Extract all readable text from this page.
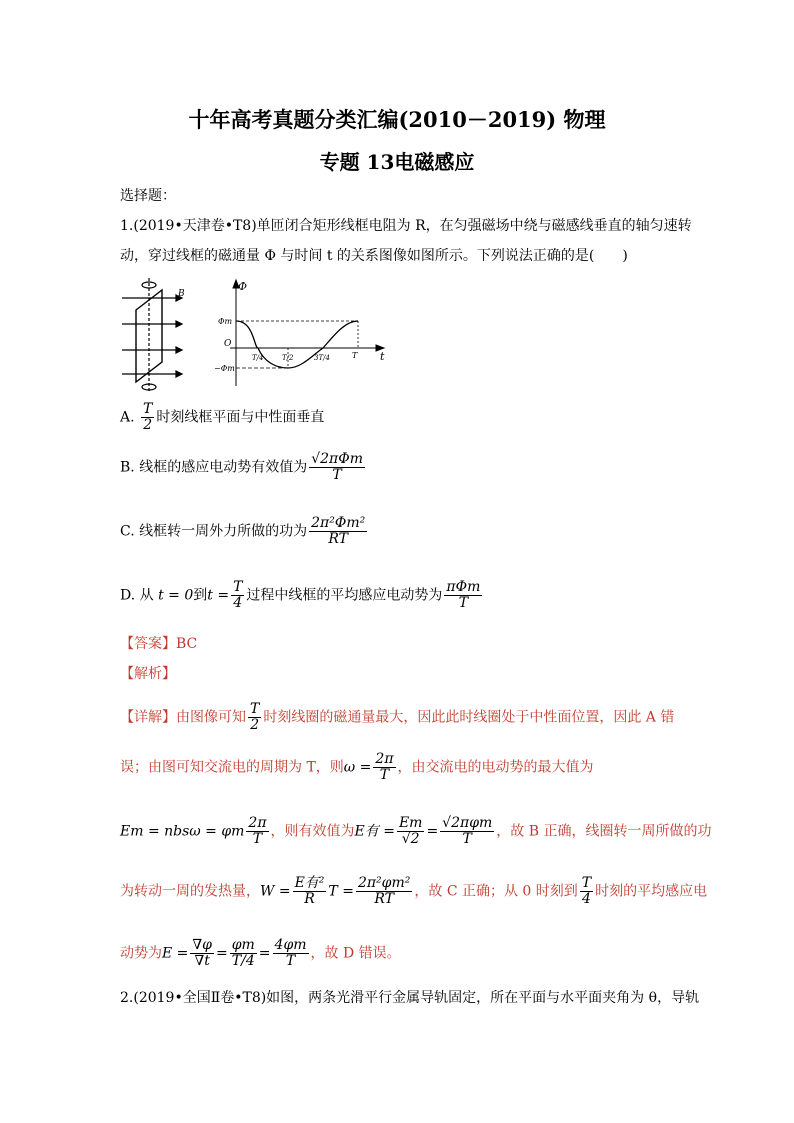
十年高考真题分类汇编(2010－2019) 物理
专题 13电磁感应
选择题：
1.(2019•天津卷•T8)单匝闭合矩形线框电阻为 R，在匀强磁场中绕与磁感线垂直的轴匀速转
动，穿过线框的磁通量 Φ 与时间 t 的关系图像如图所示。下列说法正确的是(　　)
B
Φ
Φm
−Φm
O
t
T/4	T/2	3T/4	T
A. $\frac{T}{2}$ 时刻线框平面与中性面垂直
B. 线框的感应电动势有效值为 $\frac{\text{√2πΦm}}{T}$
C. 线框转一周外力所做的功为 $\frac{\text{2π²Φm²}}{RT}$
D. 从 t = 0到$t = \frac{T}{4}$ 过程中线框的平均感应电动势为 $\frac{\text{πΦm}}{T}$
【答案】BC
【解析】
【详解】由图像可知 $\frac{T}{2}$ 时刻线圈的磁通量最大，因此此时线圈处于中性面位置，因此 A 错
误；由图可知交流电的周期为 T，则$\omega = \frac{2\pi}{T}$ ，由交流电的电动势的最大值为
Em = nbsω = φm $\frac{2\pi}{T}$ ，则有效值为E有 = $\frac{Em}{√2} = \frac{\text{√2πφm}}{T}$ ，故 B 正确，线圈转一周所做的功
为转动一周的发热量，$W = \frac{\text{E有²}}{R}$ $T = \frac{\text{2π²φm²}}{RT}$ ，故 C 正确；从 0 时刻到 $\frac{T}{4}$ 时刻的平均感应电
动势为$E = \frac{\nabla\varphi}{\nabla t} = \frac{\varphi m}{T/4} = \frac{4\varphi m}{T}$ ，故 D 错误。
2.(2019•全国Ⅱ卷•T8)如图，两条光滑平行金属导轨固定，所在平面与水平面夹角为 θ，导轨
